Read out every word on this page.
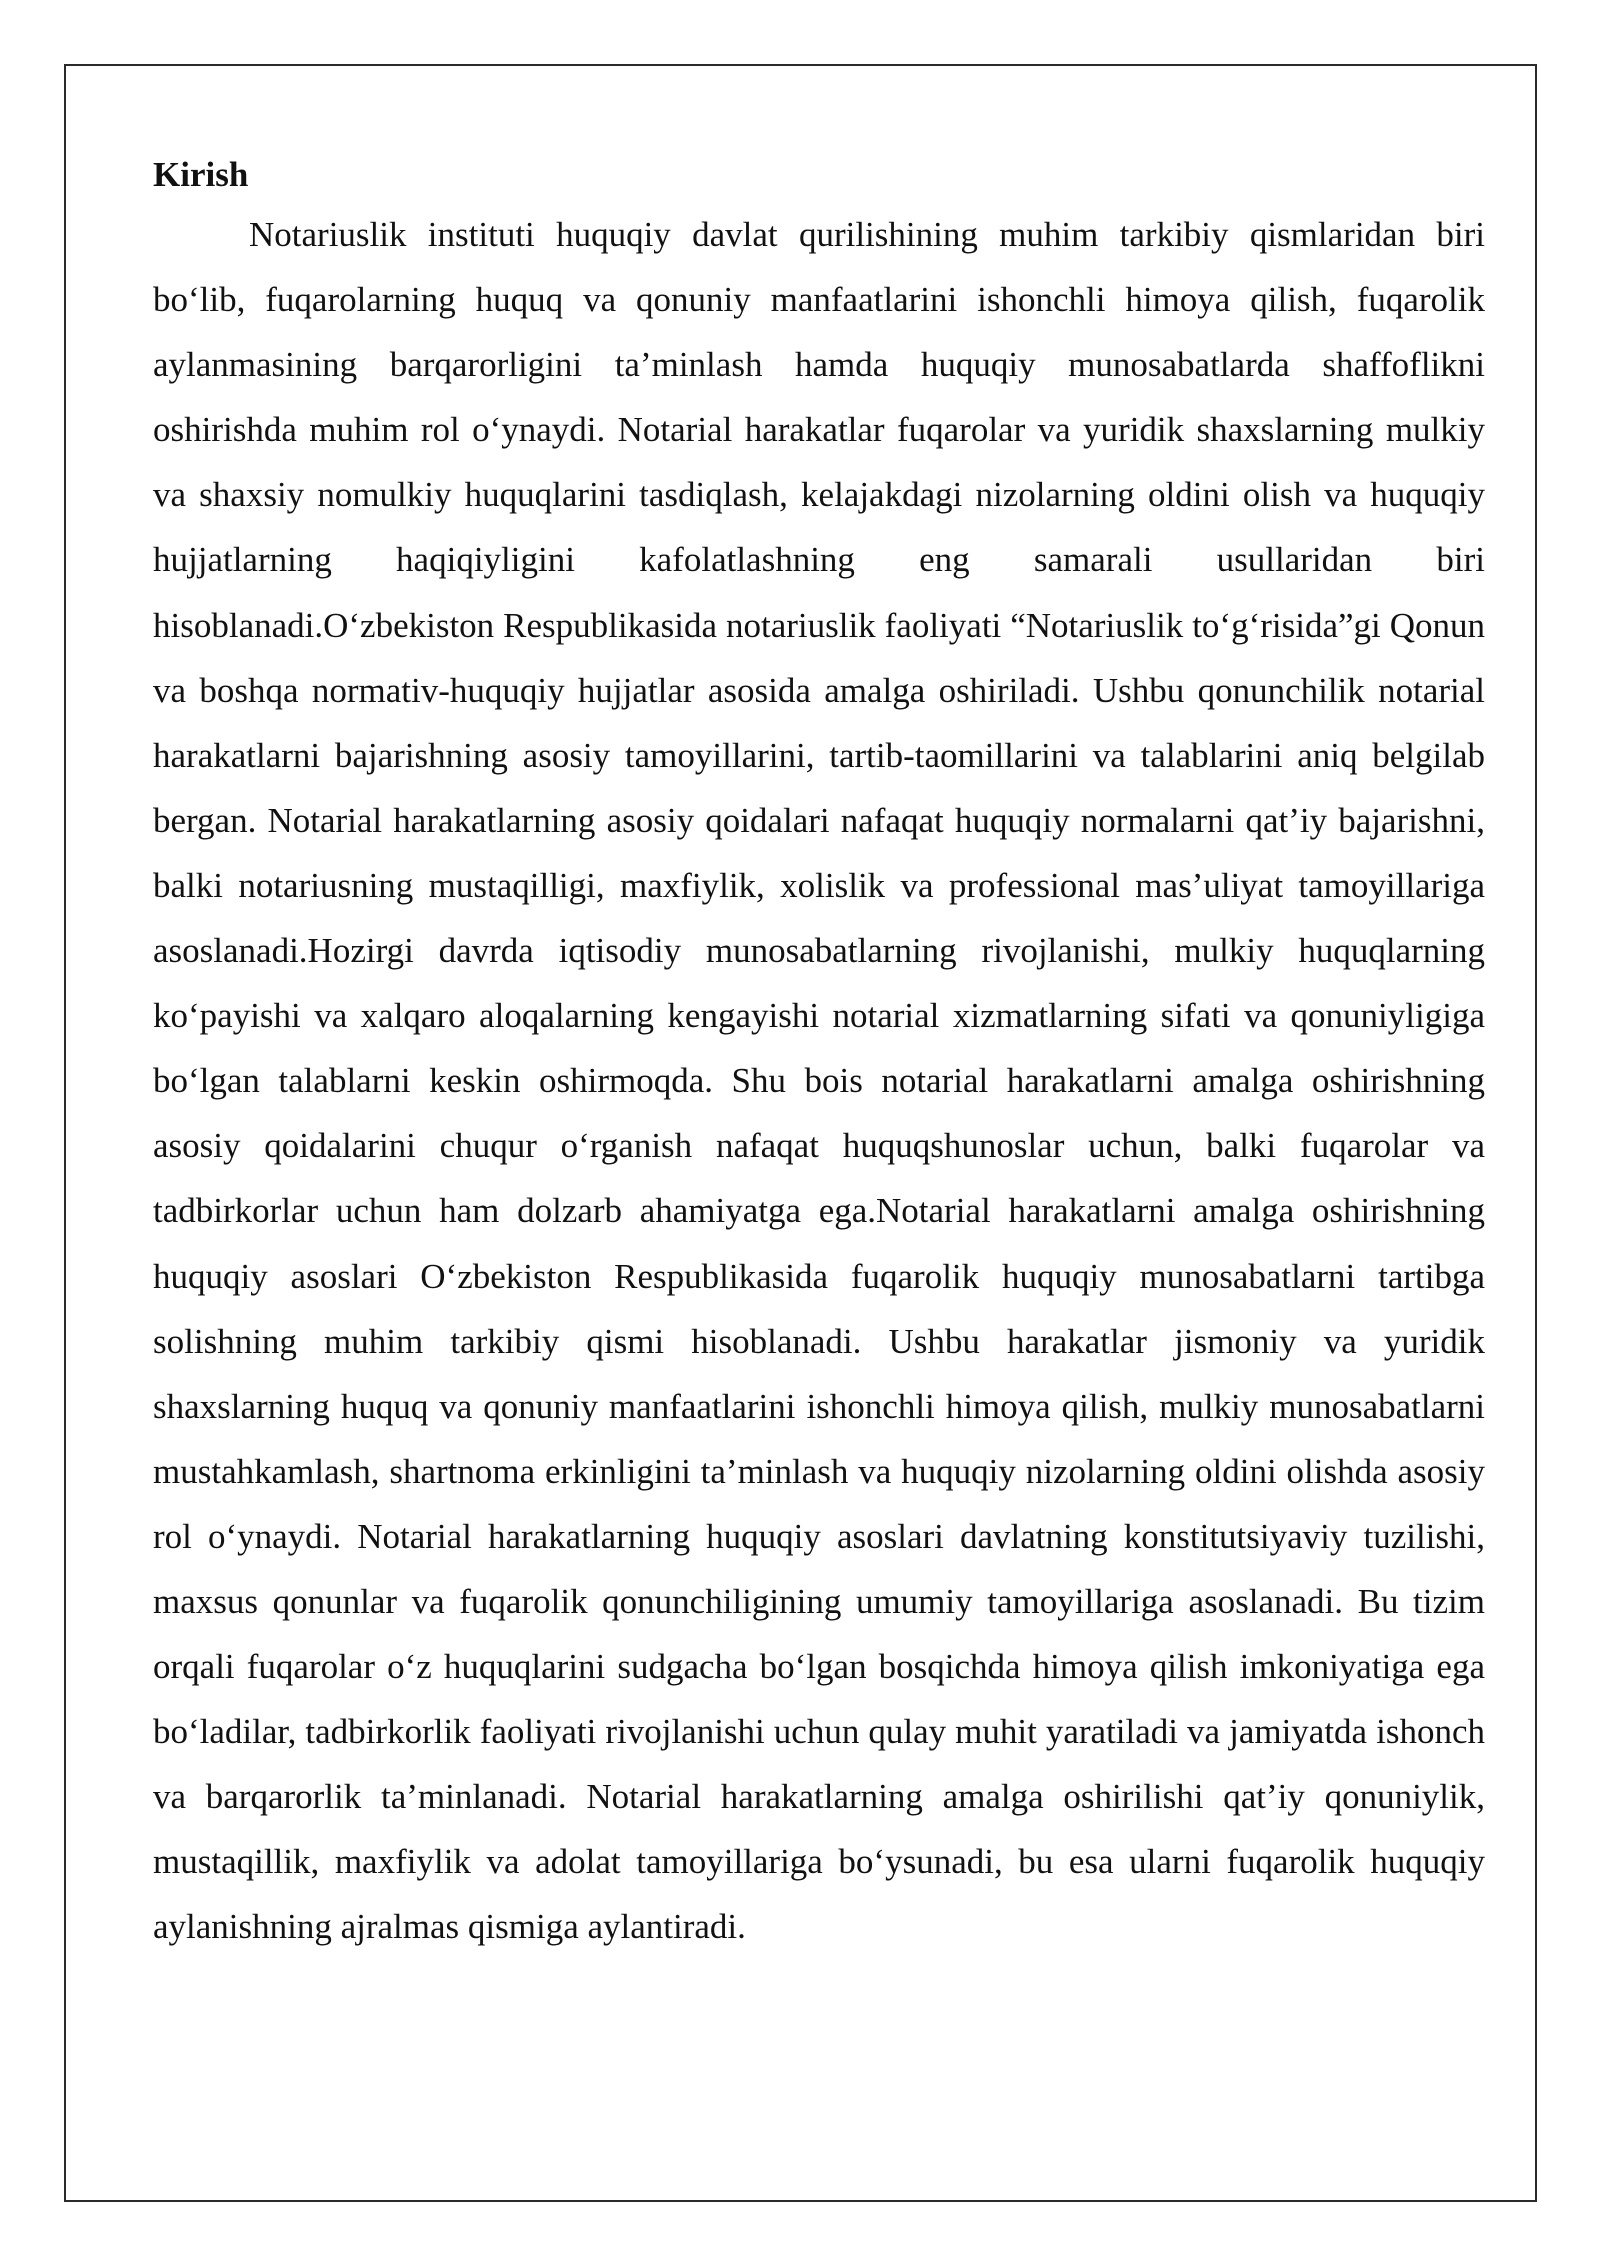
Kirish

Notariuslik instituti huquqiy davlat qurilishining muhim tarkibiy qismlaridan biri bo‘lib, fuqarolarning huquq va qonuniy manfaatlarini ishonchli himoya qilish, fuqarolik aylanmasining barqarorligini ta’minlash hamda huquqiy munosabatlarda shaffoflikni oshirishda muhim rol o‘ynaydi. Notarial harakatlar fuqarolar va yuridik shaxslarning mulkiy va shaxsiy nomulkiy huquqlarini tasdiqlash, kelajakdagi nizolarning oldini olish va huquqiy hujjatlarning haqiqiyligini kafolatlashning eng samarali usullaridan biri hisoblanadi.O‘zbekiston Respublikasida notariuslik faoliyati “Notariuslik to‘g‘risida”gi Qonun va boshqa normativ-huquqiy hujjatlar asosida amalga oshiriladi. Ushbu qonunchilik notarial harakatlarni bajarishning asosiy tamoyillarini, tartib-taomillarini va talablarini aniq belgilab bergan. Notarial harakatlarning asosiy qoidalari nafaqat huquqiy normalarni qat’iy bajarishni, balki notariusning mustaqilligi, maxfiylik, xolislik va professional mas’uliyat tamoyillariga asoslanadi.Hozirgi davrda iqtisodiy munosabatlarning rivojlanishi, mulkiy huquqlarning ko‘payishi va xalqaro aloqalarning kengayishi notarial xizmatlarning sifati va qonuniyligiga bo‘lgan talablarni keskin oshirmoqda. Shu bois notarial harakatlarni amalga oshirishning asosiy qoidalarini chuqur o‘rganish nafaqat huquqshunoslar uchun, balki fuqarolar va tadbirkorlar uchun ham dolzarb ahamiyatga ega.Notarial harakatlarni amalga oshirishning huquqiy asoslari O‘zbekiston Respublikasida fuqarolik huquqiy munosabatlarni tartibga solishning muhim tarkibiy qismi hisoblanadi. Ushbu harakatlar jismoniy va yuridik shaxslarning huquq va qonuniy manfaatlarini ishonchli himoya qilish, mulkiy munosabatlarni mustahkamlash, shartnoma erkinligini ta’minlash va huquqiy nizolarning oldini olishda asosiy rol o‘ynaydi. Notarial harakatlarning huquqiy asoslari davlatning konstitutsiyaviy tuzilishi, maxsus qonunlar va fuqarolik qonunchiligining umumiy tamoyillariga asoslanadi. Bu tizim orqali fuqarolar o‘z huquqlarini sudgacha bo‘lgan bosqichda himoya qilish imkoniyatiga ega bo‘ladilar, tadbirkorlik faoliyati rivojlanishi uchun qulay muhit yaratiladi va jamiyatda ishonch va barqarorlik ta’minlanadi. Notarial harakatlarning amalga oshirilishi qat’iy qonuniylik, mustaqillik, maxfiylik va adolat tamoyillariga bo‘ysunadi, bu esa ularni fuqarolik huquqiy aylanishning ajralmas qismiga aylantiradi.
